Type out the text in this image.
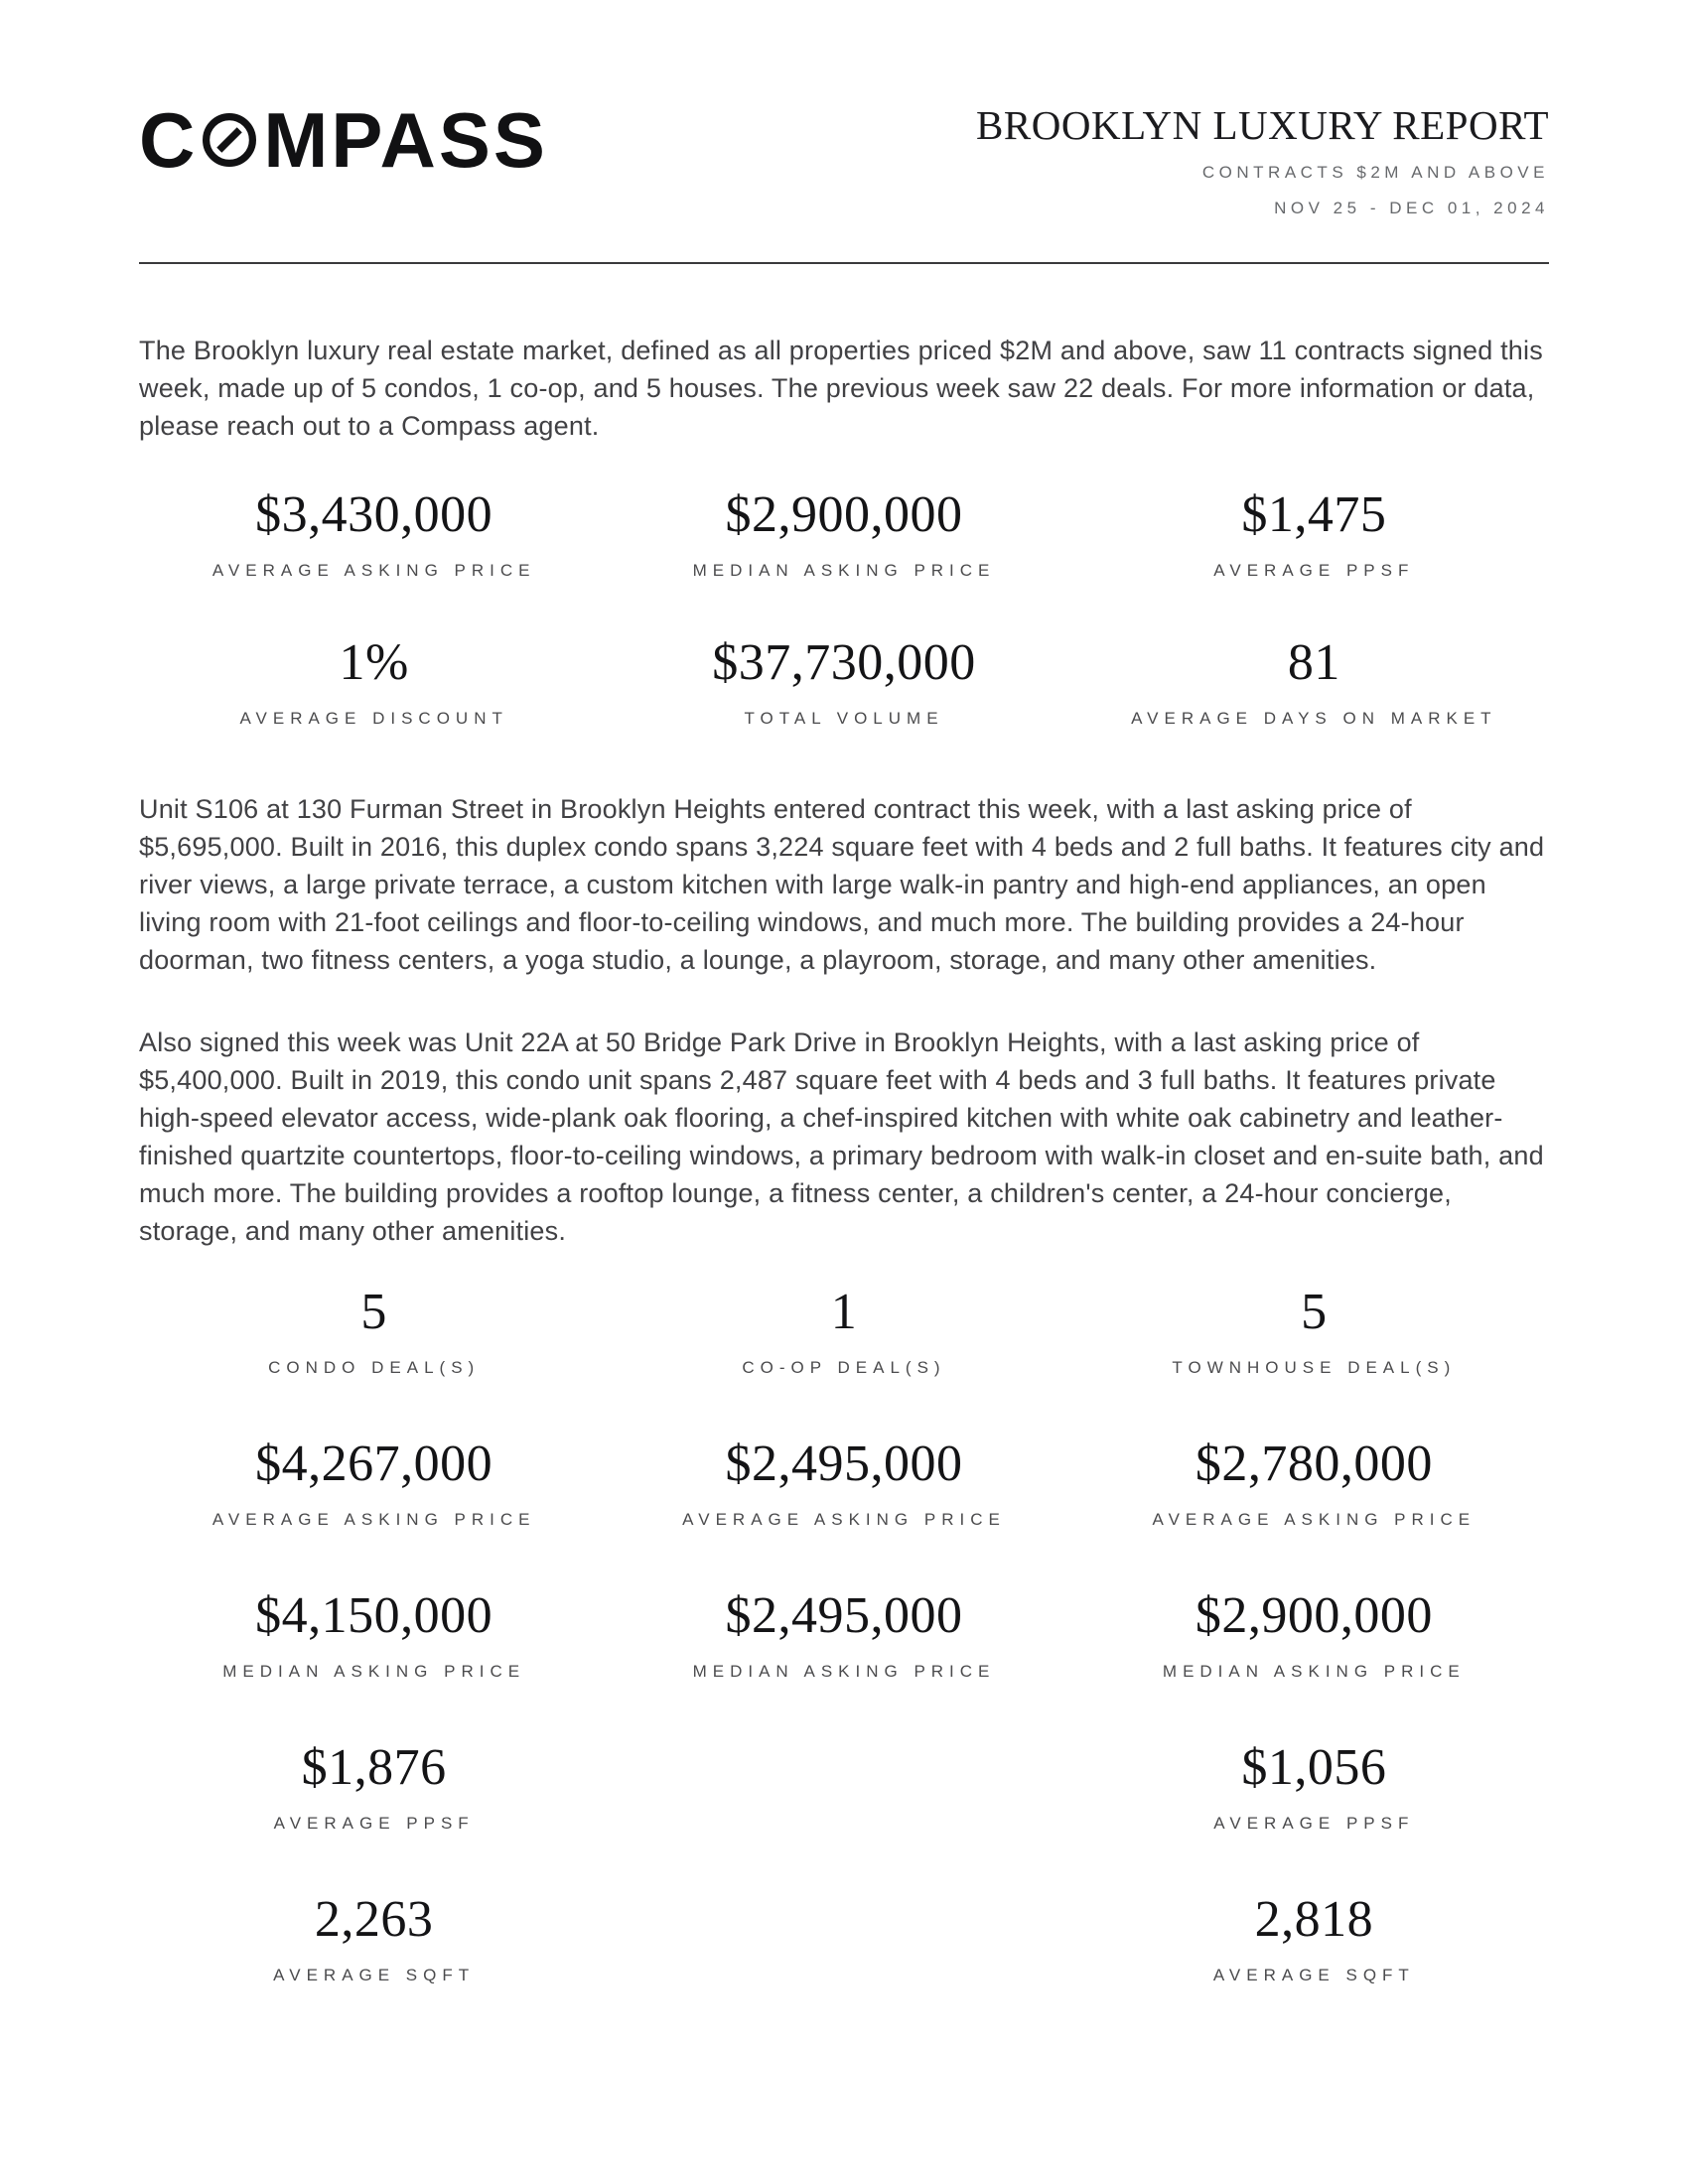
C MPASS	BROOKLYN LUXURY REPORT
CONTRACTS $2M AND ABOVE
NOV 25 - DEC 01, 2024

The Brooklyn luxury real estate market, defined as all properties priced $2M and above, saw 11 contracts signed this week, made up of 5 condos, 1 co-op, and 5 houses. The previous week saw 22 deals. For more information or data, please reach out to a Compass agent.

$3,430,000
AVERAGE ASKING PRICE
$2,900,000
MEDIAN ASKING PRICE
$1,475
AVERAGE PPSF
1%
AVERAGE DISCOUNT
$37,730,000
TOTAL VOLUME
81
AVERAGE DAYS ON MARKET

Unit S106 at 130 Furman Street in Brooklyn Heights entered contract this week, with a last asking price of $5,695,000. Built in 2016, this duplex condo spans 3,224 square feet with 4 beds and 2 full baths. It features city and river views, a large private terrace, a custom kitchen with large walk-in pantry and high-end appliances, an open living room with 21-foot ceilings and floor-to-ceiling windows, and much more. The building provides a 24-hour doorman, two fitness centers, a yoga studio, a lounge, a playroom, storage, and many other amenities.

Also signed this week was Unit 22A at 50 Bridge Park Drive in Brooklyn Heights, with a last asking price of $5,400,000. Built in 2019, this condo unit spans 2,487 square feet with 4 beds and 3 full baths. It features private high-speed elevator access, wide-plank oak flooring, a chef-inspired kitchen with white oak cabinetry and leather-finished quartzite countertops, floor-to-ceiling windows, a primary bedroom with walk-in closet and en-suite bath, and much more. The building provides a rooftop lounge, a fitness center, a children's center, a 24-hour concierge, storage, and many other amenities.

5
CONDO DEAL(S)
1
CO-OP DEAL(S)
5
TOWNHOUSE DEAL(S)
$4,267,000
AVERAGE ASKING PRICE
$2,495,000
AVERAGE ASKING PRICE
$2,780,000
AVERAGE ASKING PRICE
$4,150,000
MEDIAN ASKING PRICE
$2,495,000
MEDIAN ASKING PRICE
$2,900,000
MEDIAN ASKING PRICE
$1,876
AVERAGE PPSF
$1,056
AVERAGE PPSF
2,263
AVERAGE SQFT
2,818
AVERAGE SQFT
